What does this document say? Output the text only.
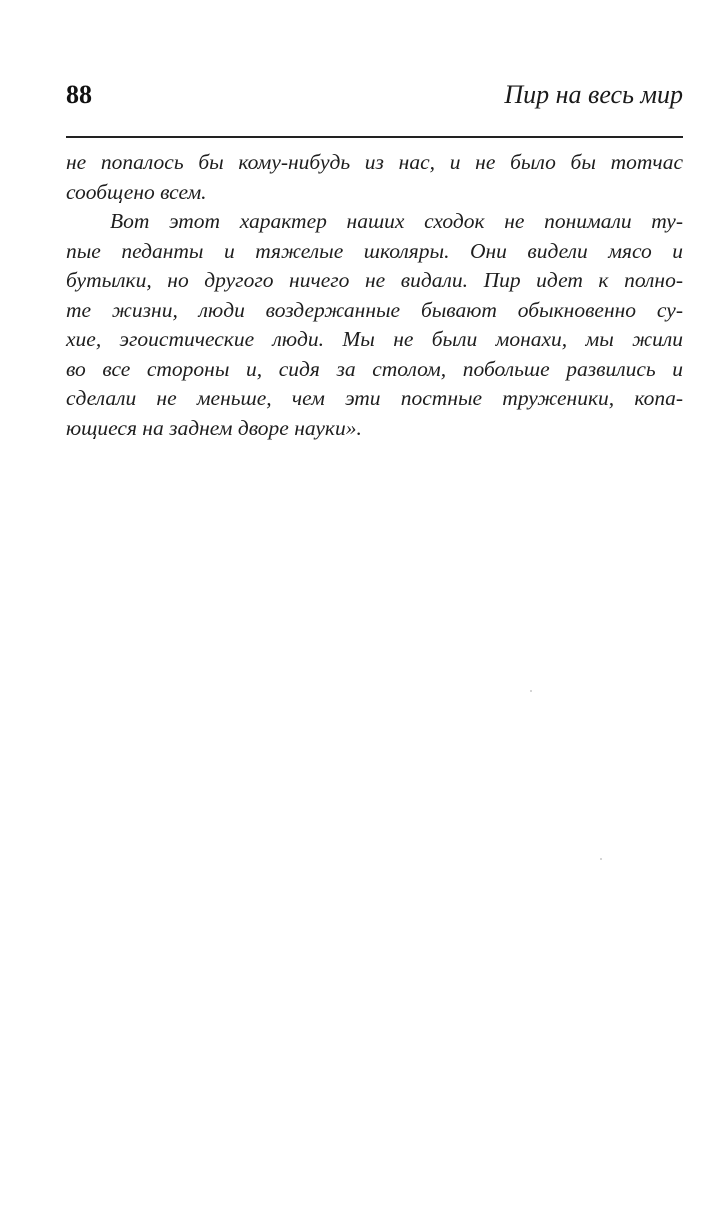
88	Пир на весь мир
не попалось бы кому-нибудь из нас, и не было бы тотчас
сообщено всем.
Вот этот характер наших сходок не понимали ту-
пые педанты и тяжелые школяры. Они видели мясо и
бутылки, но другого ничего не видали. Пир идет к полно-
те жизни, люди воздержанные бывают обыкновенно су-
хие, эгоистические люди. Мы не были монахи, мы жили
во все стороны и, сидя за столом, побольше развились и
сделали не меньше, чем эти постные труженики, копа-
ющиеся на заднем дворе науки».
